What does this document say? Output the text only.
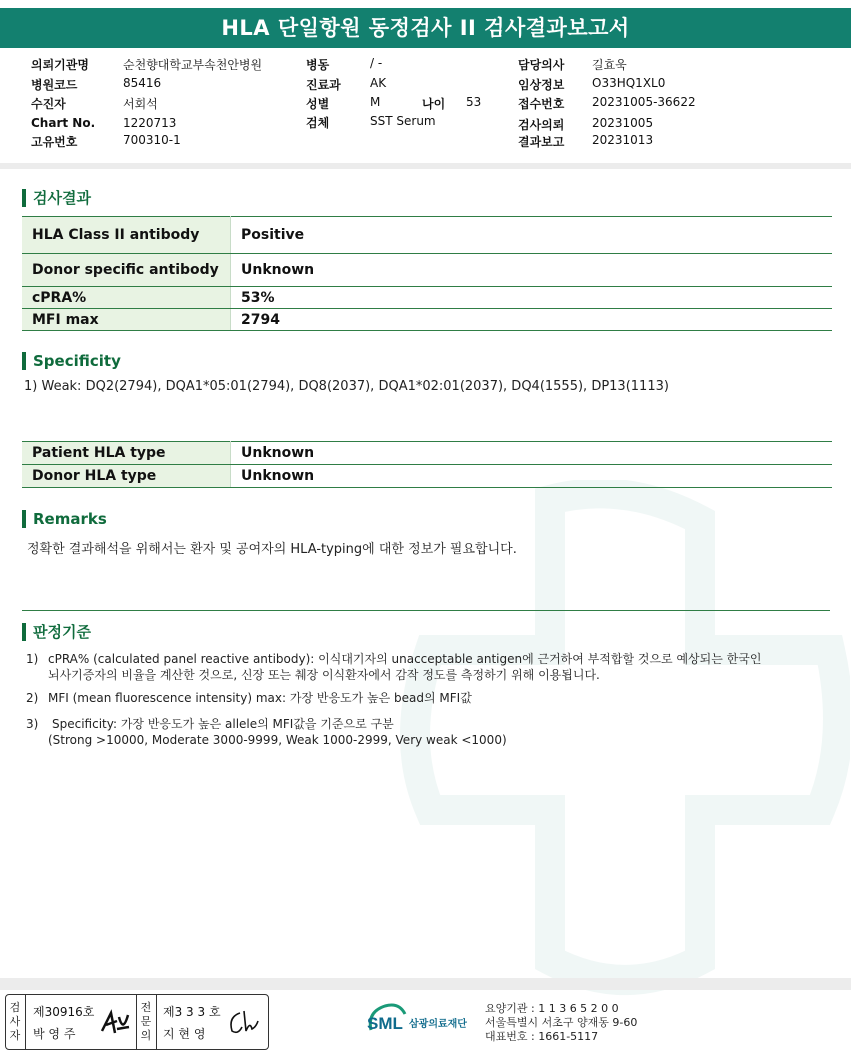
HLA 단일항원 동정검사 II 검사결과보고서
의뢰기관명	순천향대학교부속천안병원
병원코드	85416
수진자	서회석
Chart No. 1220713
고유번호	700310-1
병동	/ -
진료과 AK
성별	M	나이 53
검체	SST Serum
담당의사 길효욱
임상정보 O33HQ1XL0
접수번호 20231005-36622
검사의뢰 20231005
결과보고 20231013
검사결과
HLA Class II antibody	Positive
Donor specific antibody	Unknown
cPRA%	53%
MFI max	2794
Specificity
1) Weak: DQ2(2794), DQA1*05:01(2794), DQ8(2037), DQA1*02:01(2037), DQ4(1555), DP13(1113)
Patient HLA type	Unknown
Donor HLA type	Unknown
Remarks
정확한 결과해석을 위해서는 환자 및 공여자의 HLA-typing에 대한 정보가 필요합니다.
판정기준
1) cPRA% (calculated panel reactive antibody): 이식대기자의 unacceptable antigen에 근거하여 부적합할 것으로 예상되는 한국인
뇌사기증자의 비율을 계산한 것으로, 신장 또는 췌장 이식환자에서 감작 정도를 측정하기 위해 이용됩니다.
2) MFI (mean fluorescence intensity) max: 가장 반응도가 높은 bead의 MFI값
3) Specificity: 가장 반응도가 높은 allele의 MFI값을 기준으로 구분
(Strong >10000, Moderate 3000-9999, Weak 1000-2999, Very weak <1000)
검
사
자
제30916호
박 영 주
전
문
의
제3 3 3 호
지 현 영
SML 삼광의료재단
요양기관 : 1 1 3 6 5 2 0 0
서울특별시 서초구 양재동 9-60
대표번호 : 1661-5117
